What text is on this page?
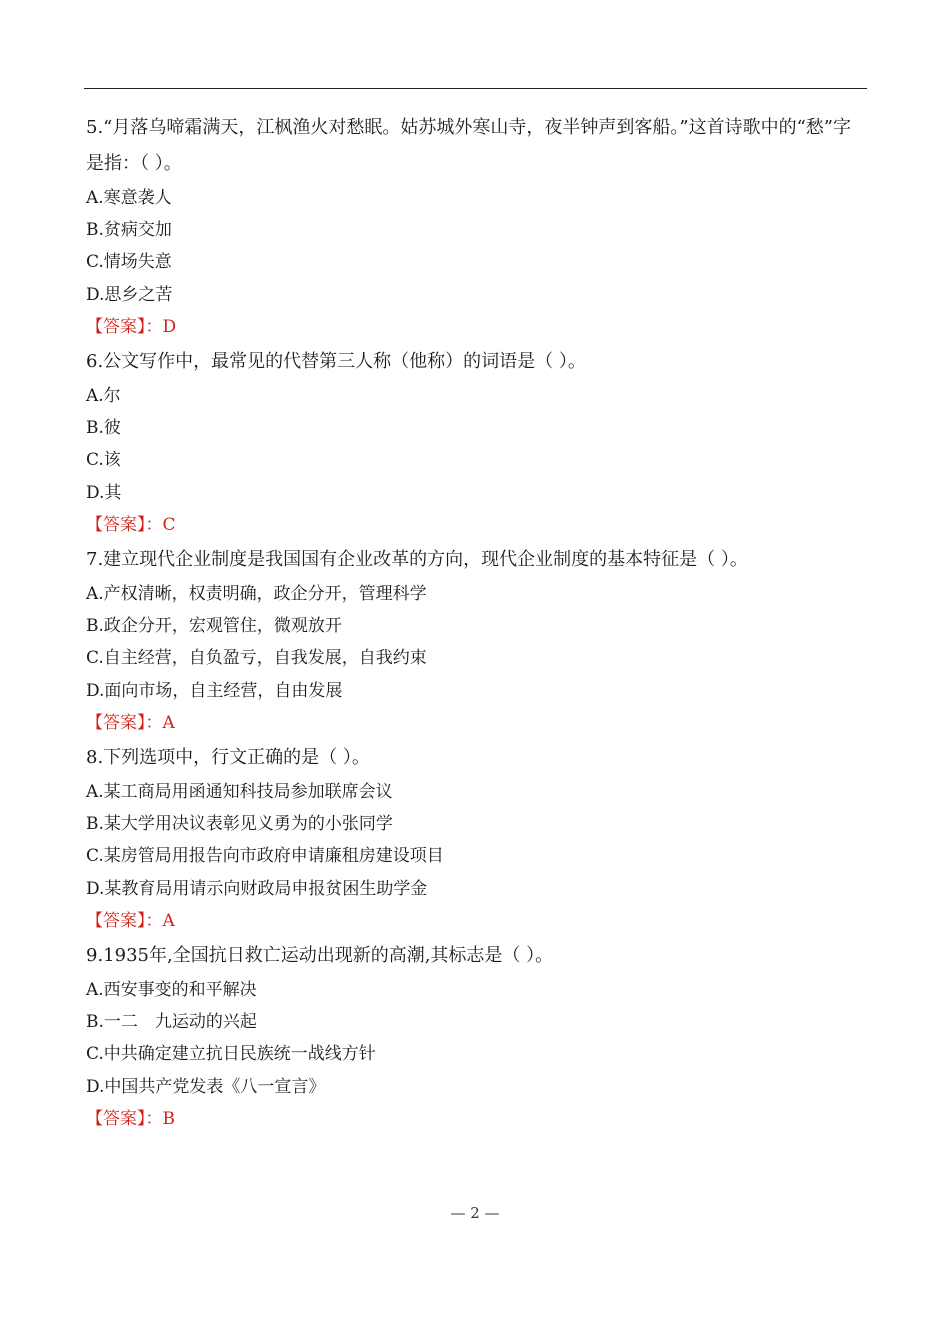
5.“月落乌啼霜满天，江枫渔火对愁眠。姑苏城外寒山寺，夜半钟声到客船。”这首诗歌中的“愁”字是指：（ ）。

A.寒意袭人

B.贫病交加

C.情场失意

D.思乡之苦

【答案】：D

6.公文写作中，最常见的代替第三人称（他称）的词语是（ ）。

A.尔

B.彼

C.该

D.其

【答案】：C

7.建立现代企业制度是我国国有企业改革的方向，现代企业制度的基本特征是（ ）。

A.产权清晰，权责明确，政企分开，管理科学

B.政企分开，宏观管住，微观放开

C.自主经营，自负盈亏，自我发展，自我约束

D.面向市场，自主经营，自由发展

【答案】：A

8.下列选项中，行文正确的是（ ）。

A.某工商局用函通知科技局参加联席会议

B.某大学用决议表彰见义勇为的小张同学

C.某房管局用报告向市政府申请廉租房建设项目

D.某教育局用请示向财政局申报贫困生助学金

【答案】：A

9.1935年,全国抗日救亡运动出现新的高潮,其标志是（ ）。

A.西安事变的和平解决

B.一二　九运动的兴起

C.中共确定建立抗日民族统一战线方针

D.中国共产党发表《八一宣言》

【答案】：B

— 2 —
